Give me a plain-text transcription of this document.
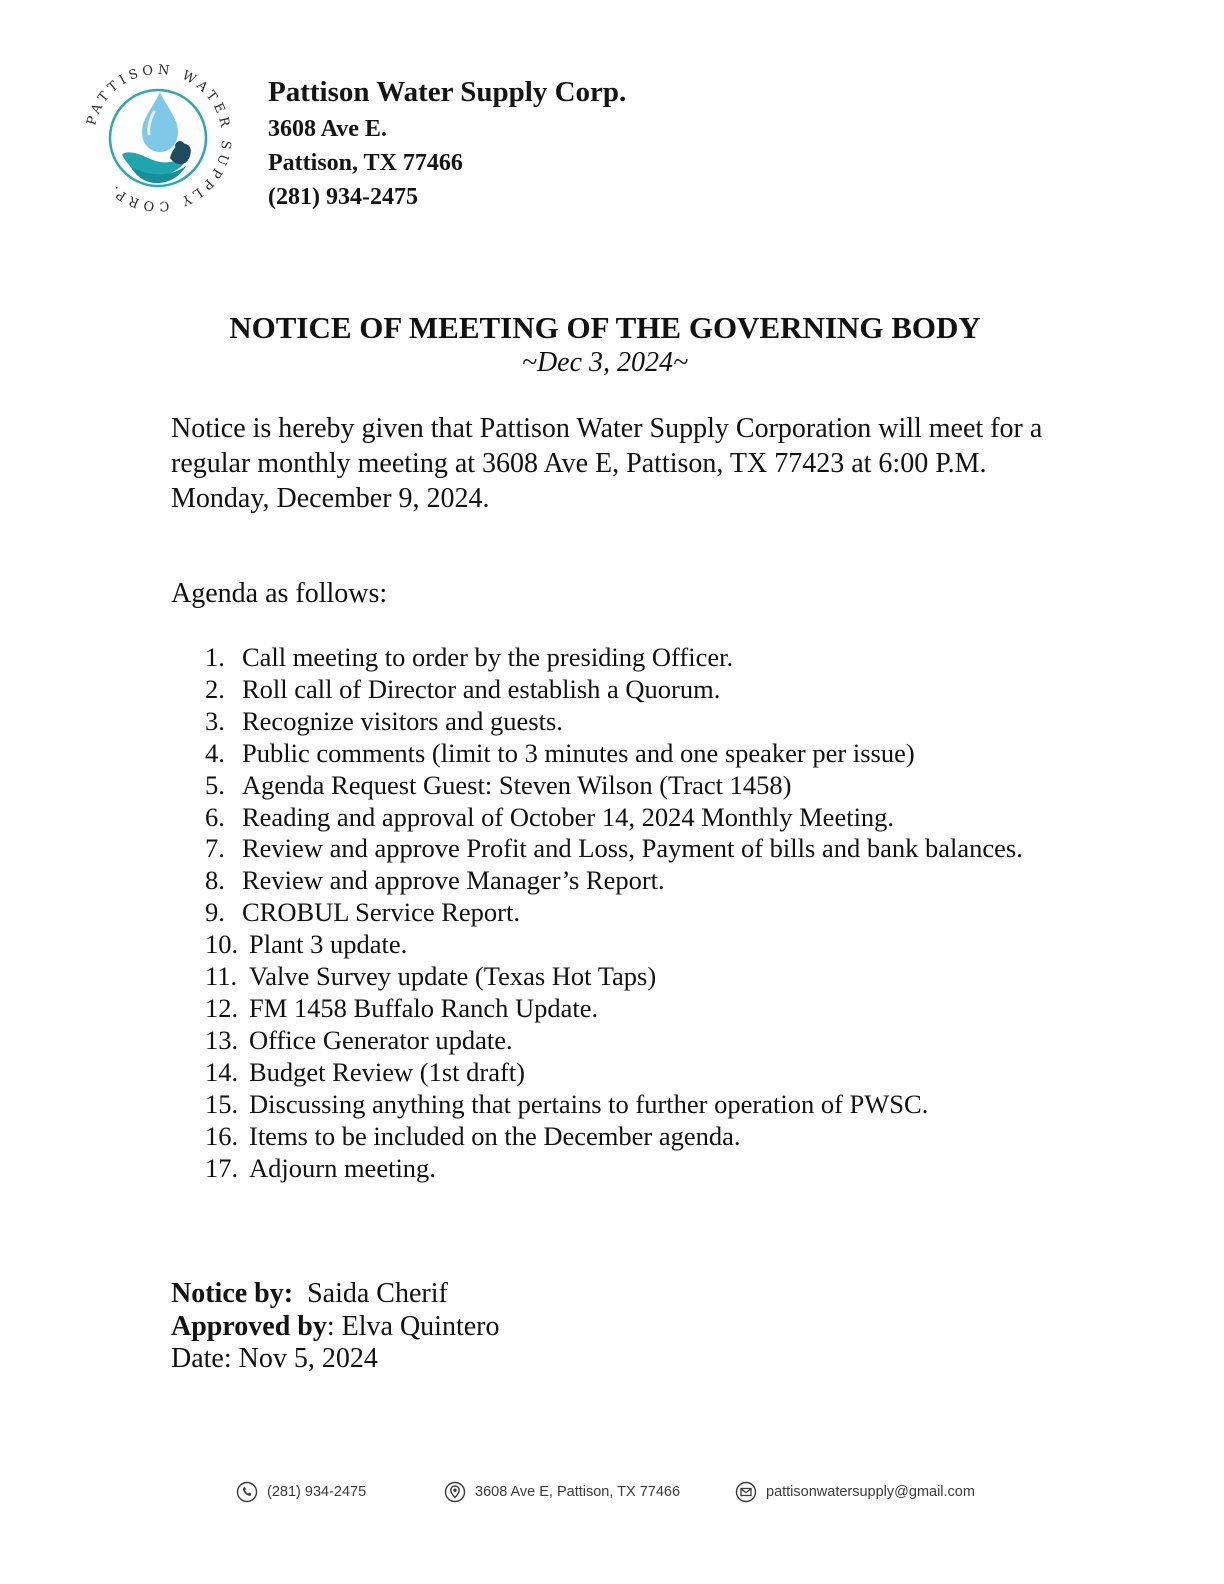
PATTISON WATER SUPPLY CORP.
Pattison Water Supply Corp.
3608 Ave E.
Pattison, TX 77466
(281) 934-2475
NOTICE OF MEETING OF THE GOVERNING BODY
~Dec 3, 2024~
Notice is hereby given that Pattison Water Supply Corporation will meet for a regular monthly meeting at 3608 Ave E, Pattison, TX 77423 at 6:00 P.M. Monday, December 9, 2024.
Agenda as follows:
1. Call meeting to order by the presiding Officer.
2. Roll call of Director and establish a Quorum.
3. Recognize visitors and guests.
4. Public comments (limit to 3 minutes and one speaker per issue)
5. Agenda Request Guest: Steven Wilson (Tract 1458)
6. Reading and approval of October 14, 2024 Monthly Meeting.
7. Review and approve Profit and Loss, Payment of bills and bank balances.
8. Review and approve Manager’s Report.
9. CROBUL Service Report.
10. Plant 3 update.
11. Valve Survey update (Texas Hot Taps)
12. FM 1458 Buffalo Ranch Update.
13. Office Generator update.
14. Budget Review (1st draft)
15. Discussing anything that pertains to further operation of PWSC.
16. Items to be included on the December agenda.
17. Adjourn meeting.
Notice by: Saida Cherif
Approved by: Elva Quintero
Date: Nov 5, 2024
(281) 934-2475	3608 Ave E, Pattison, TX 77466	pattisonwatersupply@gmail.com
